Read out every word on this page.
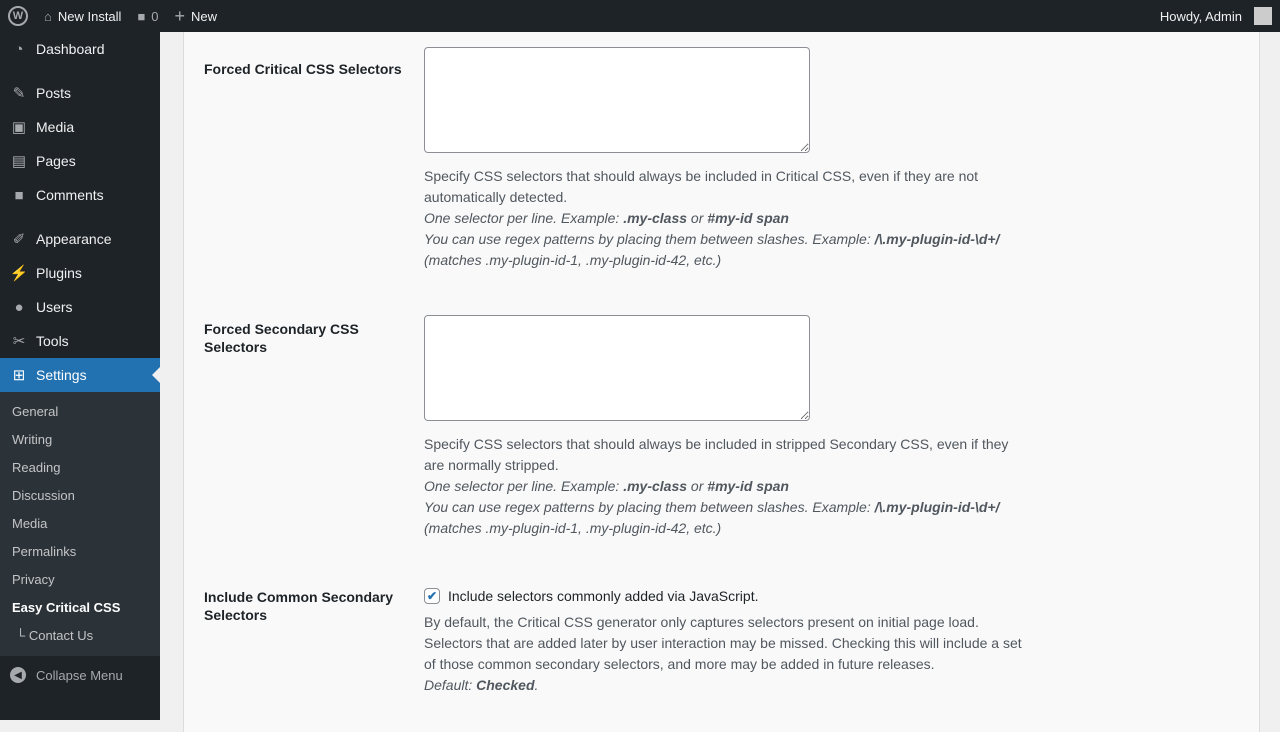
W	⌂ New Install ■ 0 + New	Howdy, Admin
◔ Dashboard
✎ Posts
▣ Media
▤ Pages
■ Comments
✐ Appearance
⚡ Plugins
● Users
✂ Tools
⊞ Settings
General
Writing
Reading
Discussion
Media
Permalinks
Privacy
Easy Critical CSS
└ Contact Us
◀	Collapse Menu
Forced Critical CSS Selectors
Specify CSS selectors that should always be included in Critical CSS, even if they are not automatically detected.
One selector per line. Example: .my-class or #my-id span
You can use regex patterns by placing them between slashes. Example: /\.my-plugin-id-\d+/ (matches .my-plugin-id-1, .my-plugin-id-42, etc.)
Forced Secondary CSS Selectors
Specify CSS selectors that should always be included in stripped Secondary CSS, even if they are normally stripped.
One selector per line. Example: .my-class or #my-id span
You can use regex patterns by placing them between slashes. Example: /\.my-plugin-id-\d+/ (matches .my-plugin-id-1, .my-plugin-id-42, etc.)
Include Common Secondary Selectors
✔ Include selectors commonly added via JavaScript.
By default, the Critical CSS generator only captures selectors present on initial page load. Selectors that are added later by user interaction may be missed. Checking this will include a set of those common secondary selectors, and more may be added in future releases.
Default: Checked.
